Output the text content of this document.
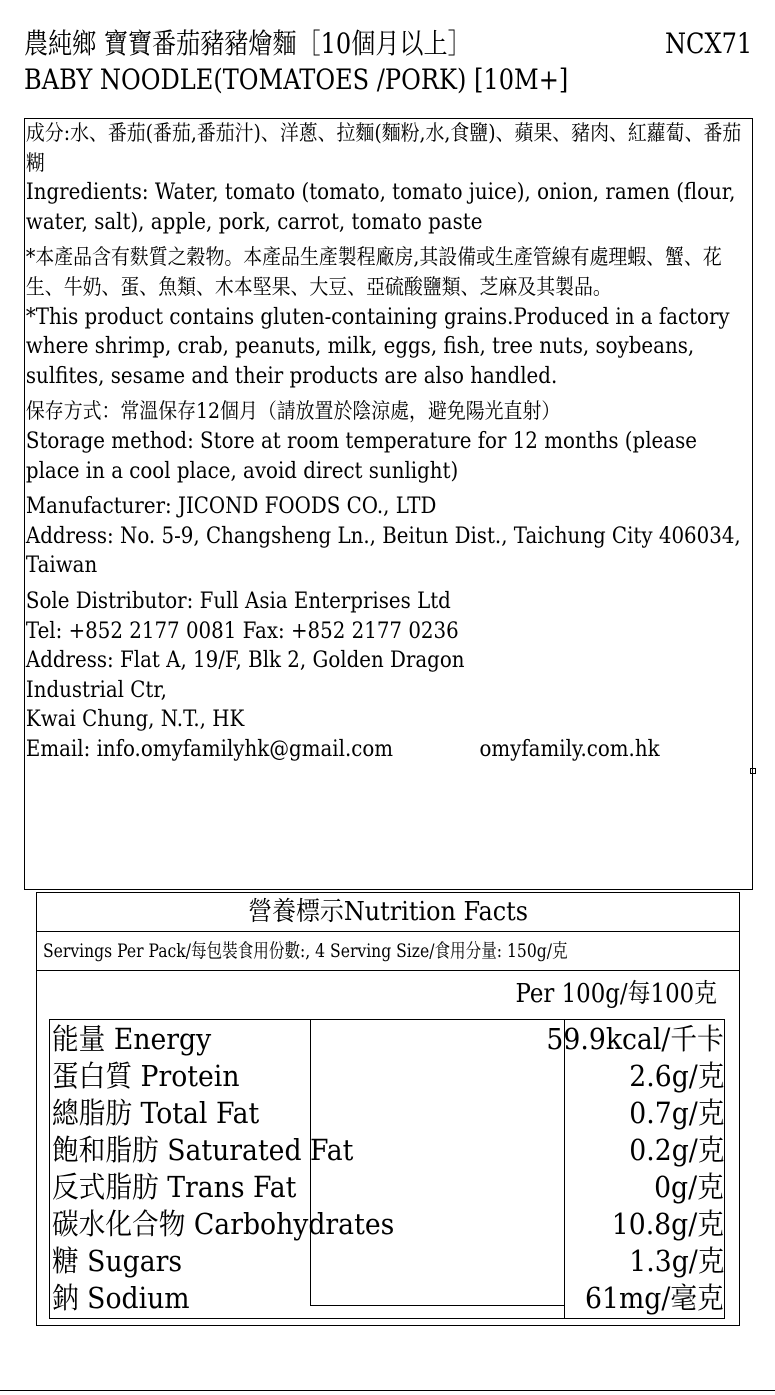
農純鄉 寶寶番茄豬豬燴麵［10個月以上］	NCX71
BABY NOODLE(TOMATOES /PORK) [10M+]

成分:水、番茄(番茄,番茄汁)、洋蔥、拉麵(麵粉,水,食鹽)、蘋果、豬肉、紅蘿蔔、番茄糊

Ingredients: Water, tomato (tomato, tomato juice), onion, ramen (flour, water, salt), apple, pork, carrot, tomato paste

*本產品含有麩質之穀物。本產品生產製程廠房,其設備或生產管線有處理蝦、蟹、花生、牛奶、蛋、魚類、木本堅果、大豆、亞硫酸鹽類、芝麻及其製品。

*This product contains gluten-containing grains.Produced in a factory where shrimp, crab, peanuts, milk, eggs, fish, tree nuts, soybeans, sulfites, sesame and their products are also handled.

保存方式：常溫保存12個月（請放置於陰涼處，避免陽光直射）

Storage method: Store at room temperature for 12 months (please place in a cool place, avoid direct sunlight)

Manufacturer: JICOND FOODS CO., LTD

Address: No. 5-9, Changsheng Ln., Beitun Dist., Taichung City 406034, Taiwan

Sole Distributor: Full Asia Enterprises Ltd

Tel: +852 2177 0081 Fax: +852 2177 0236

Address: Flat A, 19/F, Blk 2, Golden Dragon

Industrial Ctr,

Kwai Chung, N.T., HK

Email: info.omyfamilyhk@gmail.com	omyfamily.com.hk

營養標示Nutrition Facts
Servings Per Pack/每包裝食用份數:, 4 Serving Size/食用分量: 150g/克
Per 100g/每100克
能量 Energy	59.9kcal/千卡
蛋白質 Protein	2.6g/克
總脂肪 Total Fat	0.7g/克
飽和脂肪 Saturated Fat	0.2g/克
反式脂肪 Trans Fat	0g/克
碳水化合物 Carbohydrates	10.8g/克
糖 Sugars	1.3g/克
鈉 Sodium	61mg/毫克
